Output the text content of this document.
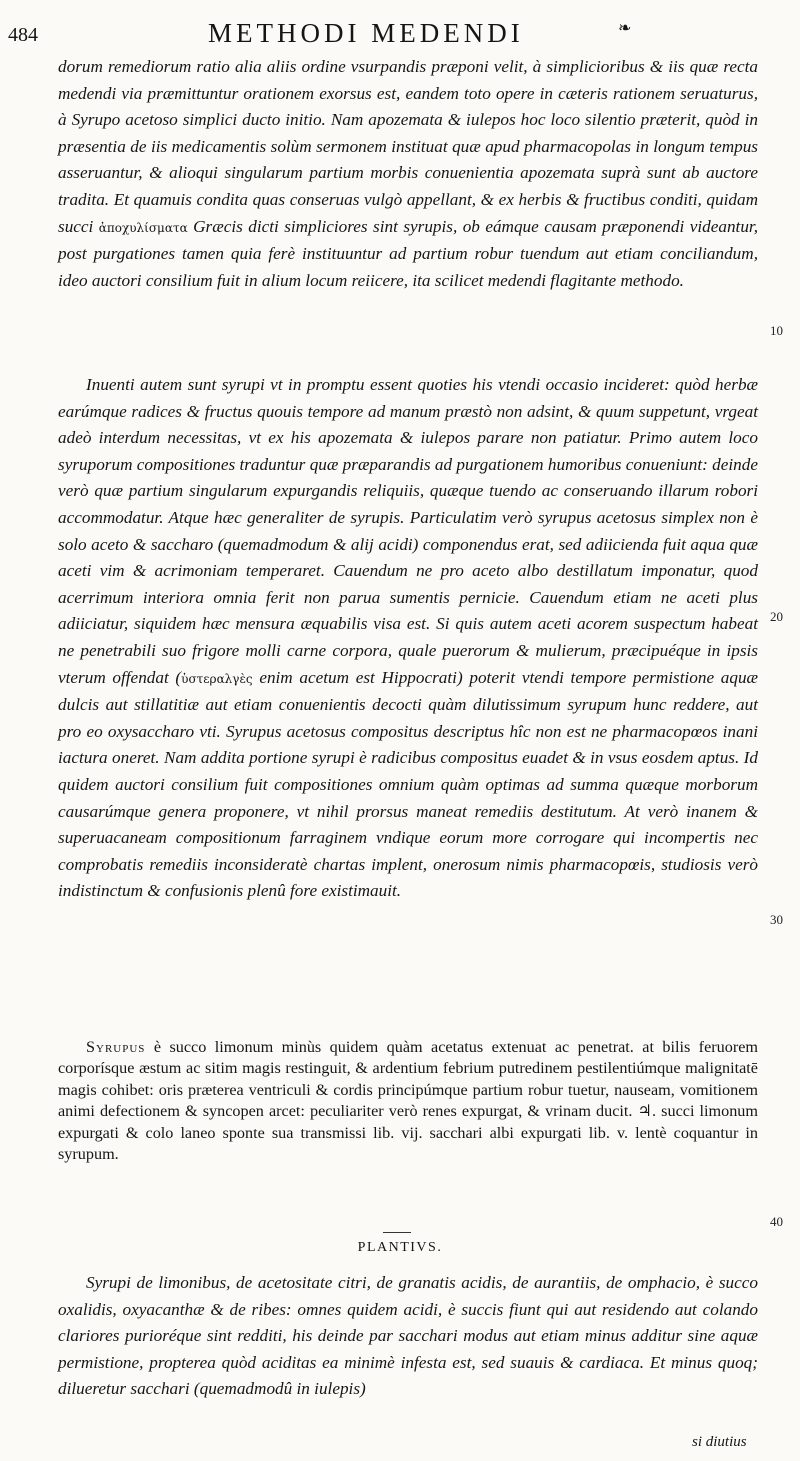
484	METHODI MEDENDI	❧

dorum remediorum ratio alia aliis ordine vsurpandis præponi velit, à simplicioribus & iis quæ recta medendi via præmittuntur orationem exorsus est, eandem toto opere in cæteris rationem seruaturus, à Syrupo acetoso simplici ducto initio. Nam apozemata & iulepos hoc loco silentio præterit, quòd in præsentia de iis medicamentis solùm sermonem instituat quæ apud pharmacopolas in longum tempus asseruantur, & alioqui singularum partium morbis conuenientia apozemata suprà sunt ab auctore tradita. Et quamuis condita quas conseruas vulgò appellant, & ex herbis & fructibus conditi, quidam succi ἀποχυλίσματα Græcis dicti simpliciores sint syrupis, ob eámque causam præponendi videantur, post purgationes tamen quia ferè instituuntur ad partium robur tuendum aut etiam conciliandum, ideo auctori consilium fuit in alium locum reiicere, ita scilicet medendi flagitante methodo.

Inuenti autem sunt syrupi vt in promptu essent quoties his vtendi occasio incideret: quòd herbæ earúmque radices & fructus quouis tempore ad manum præstò non adsint, & quum suppetunt, vrgeat adeò interdum necessitas, vt ex his apozemata & iulepos parare non patiatur. Primo autem loco syruporum compositiones traduntur quæ præparandis ad purgationem humoribus conueniunt: deinde verò quæ partium singularum expurgandis reliquiis, quæque tuendo ac conseruando illarum robori accommodatur. Atque hæc generaliter de syrupis. Particulatim verò syrupus acetosus simplex non è solo aceto & saccharo (quemadmodum & alij acidi) componendus erat, sed adiicienda fuit aqua quæ aceti vim & acrimoniam temperaret. Cauendum ne pro aceto albo destillatum imponatur, quod acerrimum interiora omnia ferit non parua sumentis pernicie. Cauendum etiam ne aceti plus adiiciatur, siquidem hæc mensura æquabilis visa est. Si quis autem aceti acorem suspectum habeat ne penetrabili suo frigore molli carne corpora, quale puerorum & mulierum, præcipuéque in ipsis vterum offendat (ὑστεραλγὲς enim acetum est Hippocrati) poterit vtendi tempore permistione aquæ dulcis aut stillatitiæ aut etiam conuenientis decocti quàm dilutissimum syrupum hunc reddere, aut pro eo oxysaccharo vti. Syrupus acetosus compositus descriptus hîc non est ne pharmacopœos inani iactura oneret. Nam addita portione syrupi è radicibus compositus euadet & in vsus eosdem aptus. Id quidem auctori consilium fuit compositiones omnium quàm optimas ad summa quæque morborum causarúmque genera proponere, vt nihil prorsus maneat remediis destitutum. At verò inanem & superuacaneam compositionum farraginem vndique eorum more corrogare qui incompertis nec comprobatis remediis inconsideratè chartas implent, onerosum nimis pharmacopœis, studiosis verò indistinctum & confusionis plenû fore existimauit.

Syrupus è succo limonum minùs quidem quàm acetatus extenuat ac penetrat. at bilis feruorem corporísque æstum ac sitim magis restinguit, & ardentium febrium putredinem pestilentiúmque malignitatē magis cohibet: oris præterea ventriculi & cordis principúmque partium robur tuetur, nauseam, vomitionem animi defectionem & syncopen arcet: peculiariter verò renes expurgat, & vrinam ducit. ♃. succi limonum expurgati & colo laneo sponte sua transmissi lib. vij. sacchari albi expurgati lib. v. lentè coquantur in syrupum.

PLANTIVS.

Syrupi de limonibus, de acetositate citri, de granatis acidis, de aurantiis, de omphacio, è succo oxalidis, oxyacanthæ & de ribes: omnes quidem acidi, è succis fiunt qui aut residendo aut colando clariores purioréque sint redditi, his deinde par sacchari modus aut etiam minus additur sine aquæ permistione, propterea quòd aciditas ea minimè infesta est, sed suauis & cardiaca. Et minus quoq; dilueretur sacchari (quemadmodû in iulepis)

si diutius
10
20
30
40
